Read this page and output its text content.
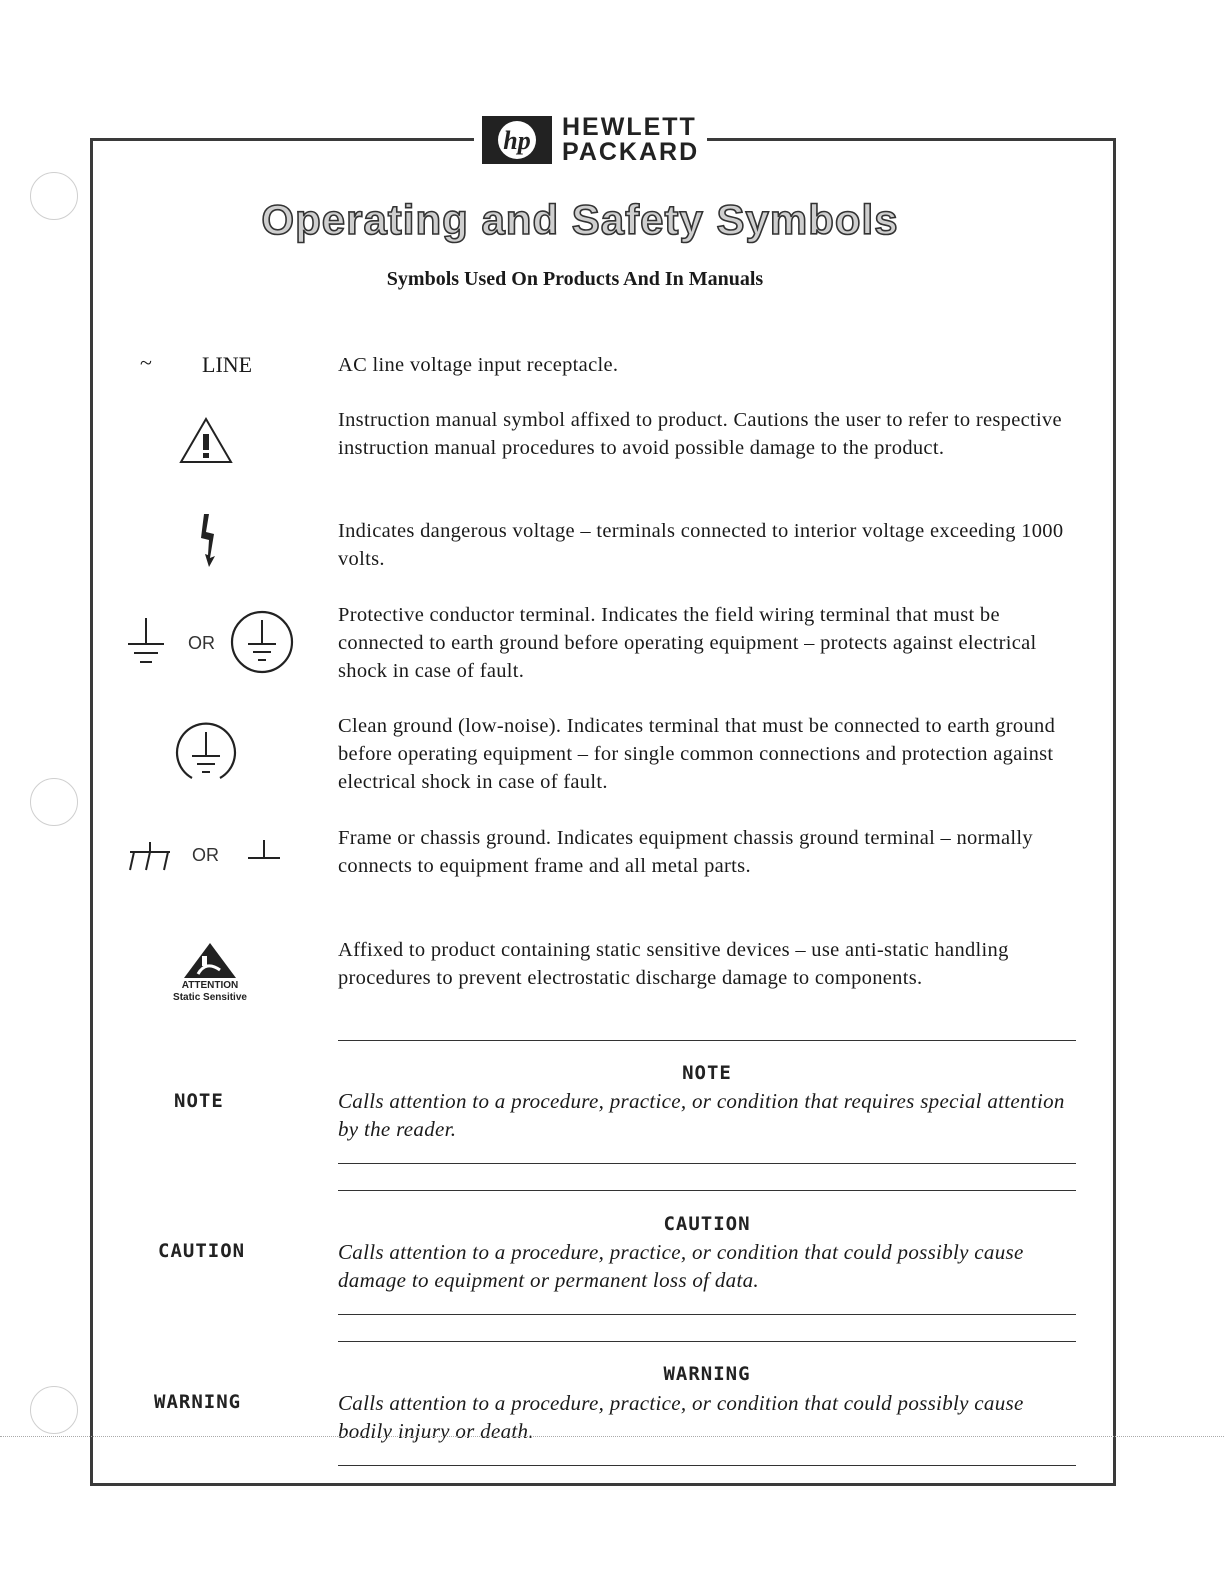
hp HEWLETT
PACKARD
Operating and Safety Symbols
Symbols Used On Products And In Manuals
~ LINE	AC line voltage input receptacle.
Instruction manual symbol affixed to product. Cautions the user to refer to respective instruction manual procedures to avoid possible damage to the product.
Indicates dangerous voltage – terminals connected to interior voltage exceeding 1000 volts.
OR
Protective conductor terminal. Indicates the field wiring terminal that must be connected to earth ground before operating equipment – protects against electrical shock in case of fault.
Clean ground (low-noise). Indicates terminal that must be connected to earth ground before operating equipment – for single common connections and protection against electrical shock in case of fault.
OR
Frame or chassis ground. Indicates equipment chassis ground terminal – normally connects to equipment frame and all metal parts.
ATTENTION
Static Sensitive
Affixed to product containing static sensitive devices – use anti-static handling procedures to prevent electrostatic discharge damage to components.
NOTE
NOTE
Calls attention to a procedure, practice, or condition that requires special attention by the reader.
CAUTION
CAUTION
Calls attention to a procedure, practice, or condition that could possibly cause damage to equipment or permanent loss of data.
WARNING
WARNING
Calls attention to a procedure, practice, or condition that could possibly cause bodily injury or death.
